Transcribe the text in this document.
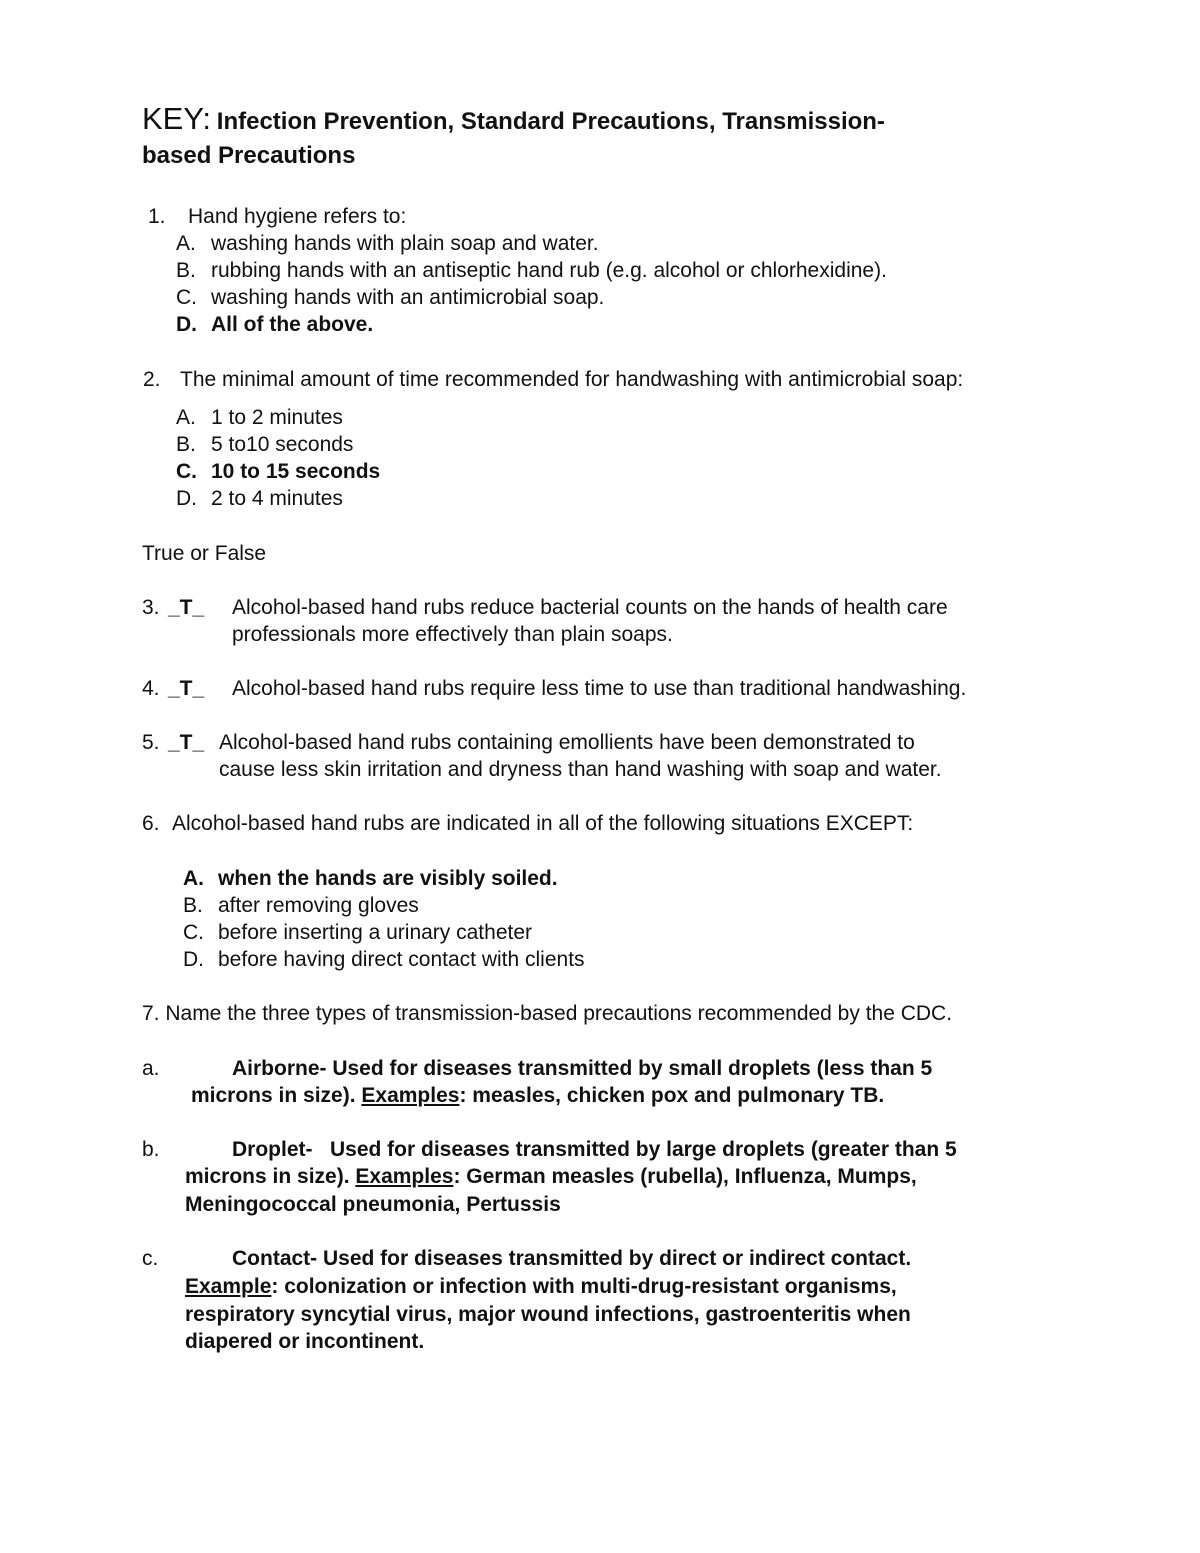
KEY: Infection Prevention, Standard Precautions, Transmission-
based Precautions
1. Hand hygiene refers to:
A. washing hands with plain soap and water.
B. rubbing hands with an antiseptic hand rub (e.g. alcohol or chlorhexidine).
C. washing hands with an antimicrobial soap.
D. All of the above.
2. The minimal amount of time recommended for handwashing with antimicrobial soap:
A. 1 to 2 minutes
B. 5 to10 seconds
C. 10 to 15 seconds
D. 2 to 4 minutes
True or False
3. _T_ Alcohol-based hand rubs reduce bacterial counts on the hands of health care
professionals more effectively than plain soaps.
4. _T_ Alcohol-based hand rubs require less time to use than traditional handwashing.
5. _T_ Alcohol-based hand rubs containing emollients have been demonstrated to
cause less skin irritation and dryness than hand washing with soap and water.
6. Alcohol-based hand rubs are indicated in all of the following situations EXCEPT:
A. when the hands are visibly soiled.
B. after removing gloves
C. before inserting a urinary catheter
D. before having direct contact with clients
7. Name the three types of transmission-based precautions recommended by the CDC.
a.	Airborne- Used for diseases transmitted by small droplets (less than 5
microns in size). Examples: measles, chicken pox and pulmonary TB.
b.	Droplet-   Used for diseases transmitted by large droplets (greater than 5
microns in size). Examples: German measles (rubella), Influenza, Mumps,
Meningococcal pneumonia, Pertussis
c.	Contact- Used for diseases transmitted by direct or indirect contact.
Example: colonization or infection with multi-drug-resistant organisms,
respiratory syncytial virus, major wound infections, gastroenteritis when
diapered or incontinent.
